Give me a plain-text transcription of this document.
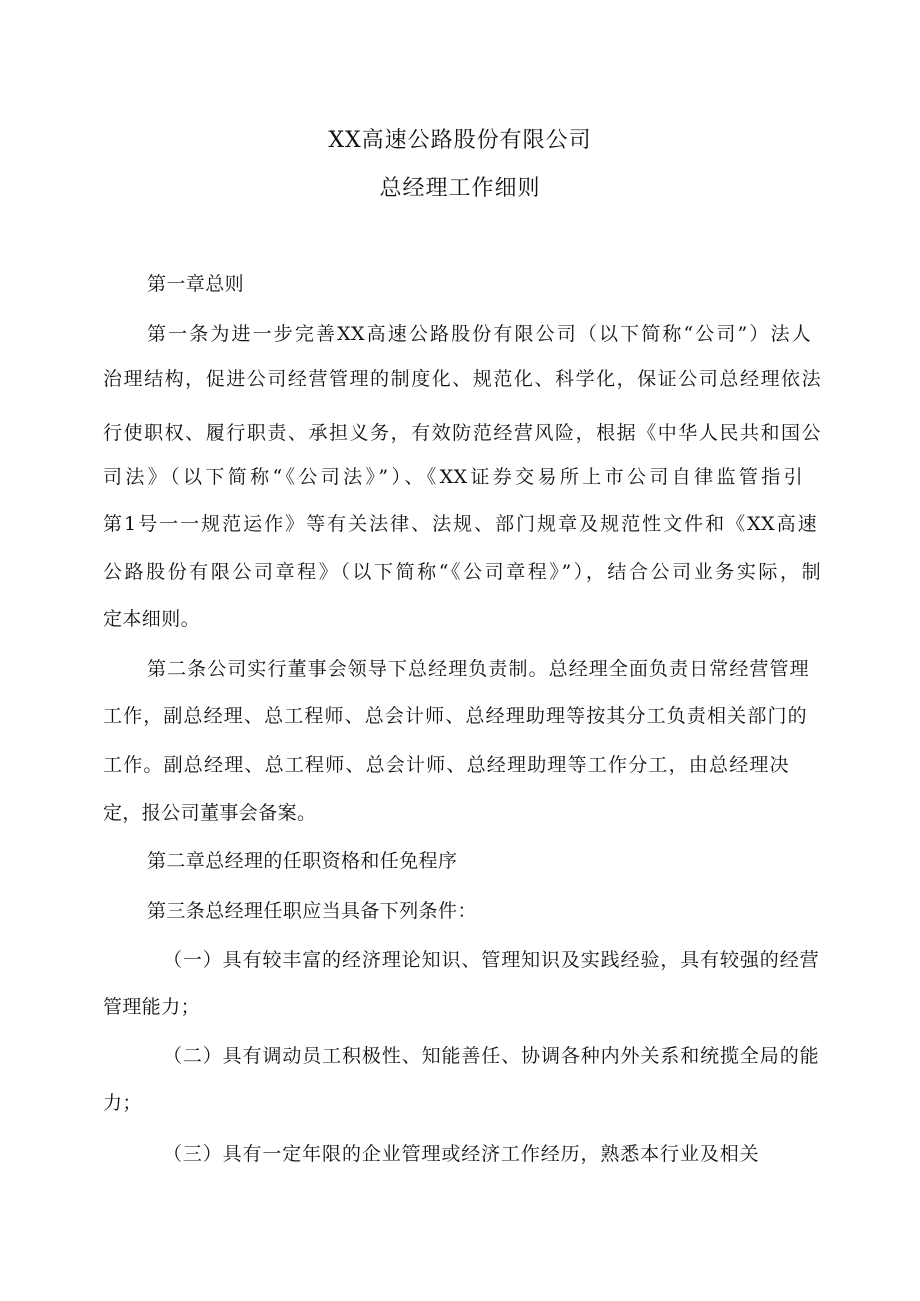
XX高速公路股份有限公司
总经理工作细则
第一章总则
第一条为进一步完善XX高速公路股份有限公司（以下简称“公司”）法人
治理结构，促进公司经营管理的制度化、规范化、科学化，保证公司总经理依法
行使职权、履行职责、承担义务，有效防范经营风险，根据《中华人民共和国公
司法》（以下简称“《公司法》”）、《XX证券交易所上市公司自律监管指引
第1号一一规范运作》等有关法律、法规、部门规章及规范性文件和《XX高速
公路股份有限公司章程》（以下简称“《公司章程》”），结合公司业务实际，制
定本细则。
第二条公司实行董事会领导下总经理负责制。总经理全面负责日常经营管理
工作，副总经理、总工程师、总会计师、总经理助理等按其分工负责相关部门的
工作。副总经理、总工程师、总会计师、总经理助理等工作分工，由总经理决
定，报公司董事会备案。
第二章总经理的任职资格和任免程序
第三条总经理任职应当具备下列条件：
（一）具有较丰富的经济理论知识、管理知识及实践经验，具有较强的经营
管理能力；
（二）具有调动员工积极性、知能善任、协调各种内外关系和统揽全局的能
力；
（三）具有一定年限的企业管理或经济工作经历，熟悉本行业及相关
